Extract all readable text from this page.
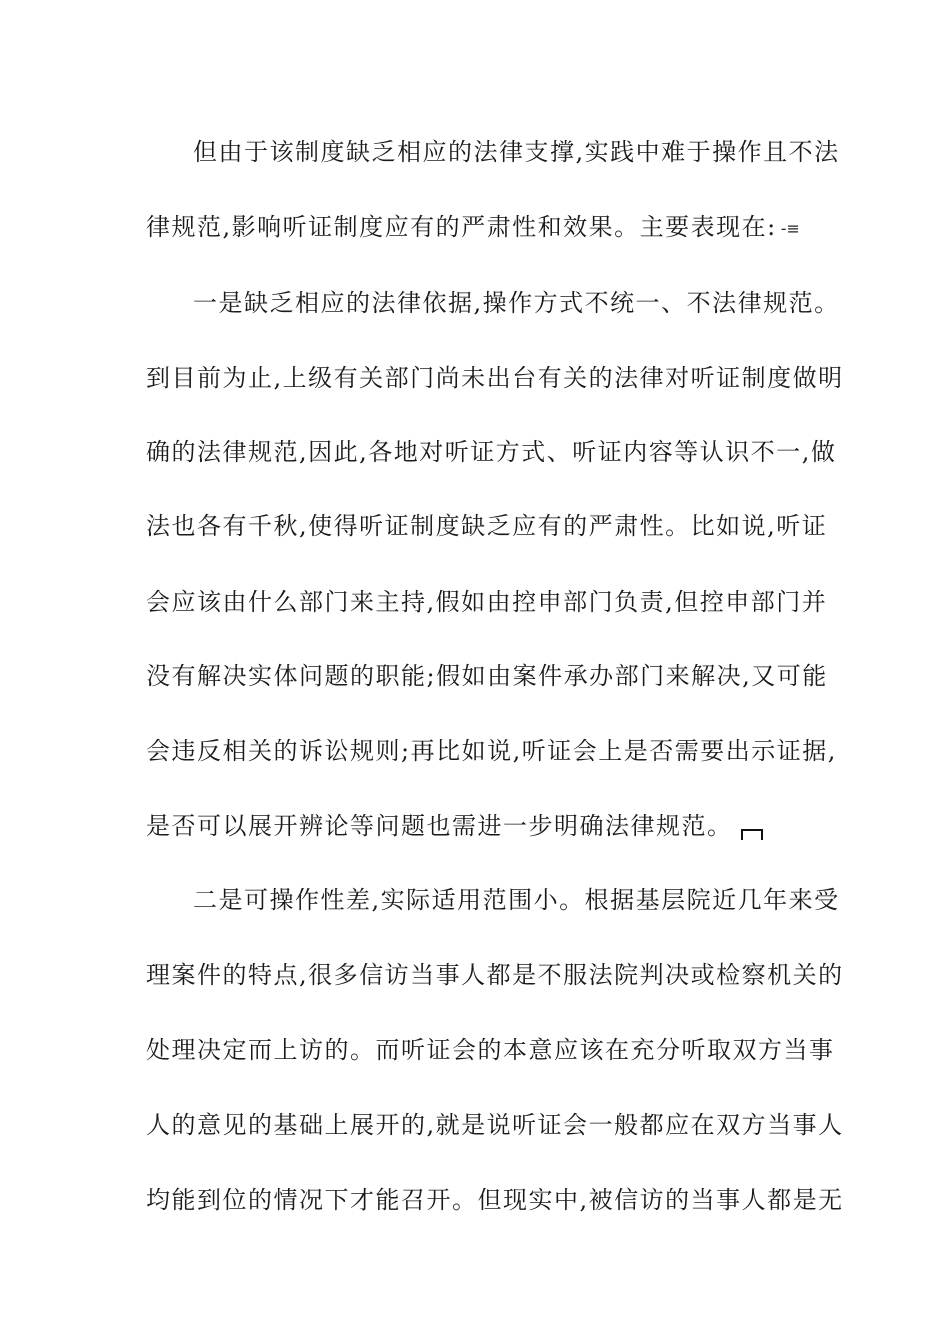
但由于该制度缺乏相应的法律支撑,实践中难于操作且不法
律规范,影响听证制度应有的严肃性和效果。主要表现在: -≡
一是缺乏相应的法律依据,操作方式不统一、不法律规范。
到目前为止,上级有关部门尚未出台有关的法律对听证制度做明
确的法律规范,因此,各地对听证方式、听证内容等认识不一,做
法也各有千秋,使得听证制度缺乏应有的严肃性。比如说,听证
会应该由什么部门来主持,假如由控申部门负责,但控申部门并
没有解决实体问题的职能;假如由案件承办部门来解决,又可能
会违反相关的诉讼规则;再比如说,听证会上是否需要出示证据,
是否可以展开辨论等问题也需进一步明确法律规范。
二是可操作性差,实际适用范围小。根据基层院近几年来受
理案件的特点,很多信访当事人都是不服法院判决或检察机关的
处理决定而上访的。而听证会的本意应该在充分听取双方当事
人的意见的基础上展开的,就是说听证会一般都应在双方当事人
均能到位的情况下才能召开。但现实中,被信访的当事人都是无
